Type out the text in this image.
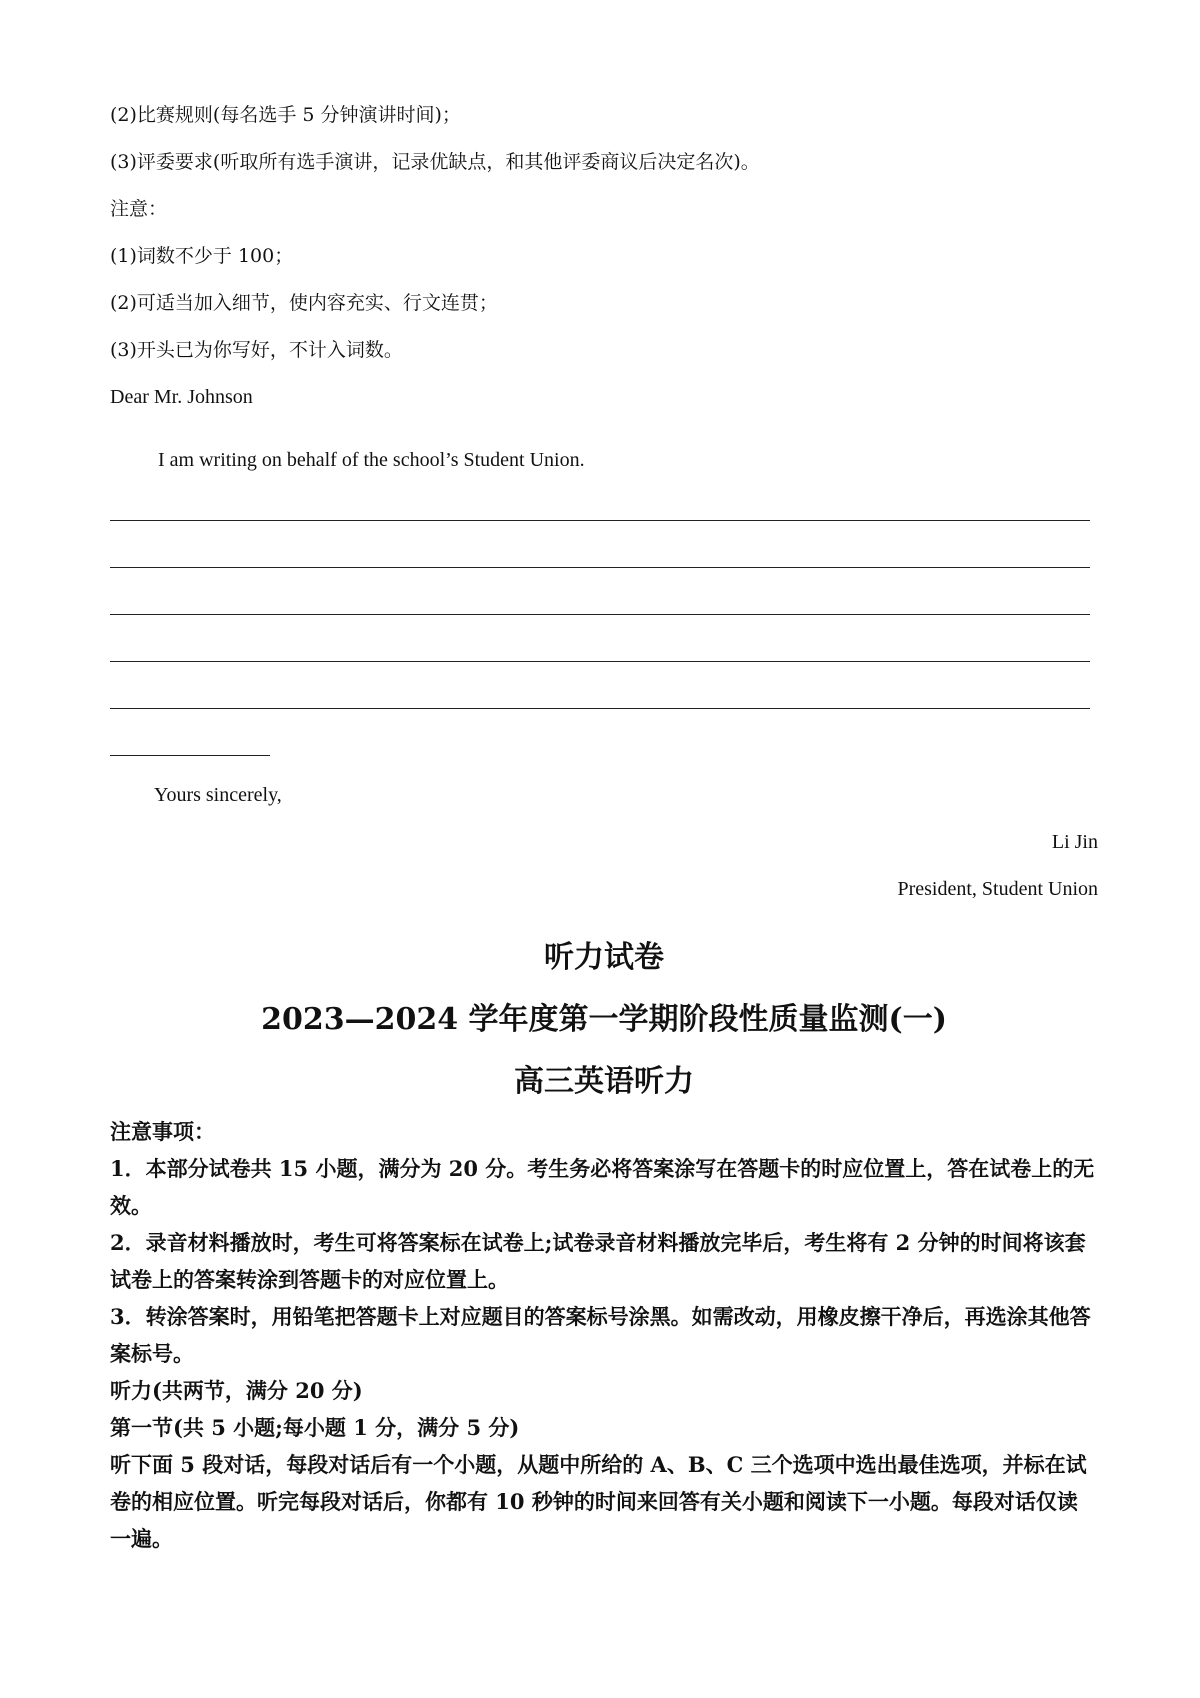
(2)比赛规则(每名选手 5 分钟演讲时间)；
(3)评委要求(听取所有选手演讲，记录优缺点，和其他评委商议后决定名次)。
注意：
(1)词数不少于 100；
(2)可适当加入细节，使内容充实、行文连贯；
(3)开头已为你写好，不计入词数。
Dear Mr. Johnson
I am writing on behalf of the school’s Student Union.
Yours sincerely,
Li Jin
President, Student Union
听力试卷
2023—2024 学年度第一学期阶段性质量监测(一)
高三英语听力
注意事项：
1．本部分试卷共 15 小题，满分为 20 分。考生务必将答案涂写在答题卡的时应位置上，答在试卷上的无效。
2．录音材料播放时，考生可将答案标在试卷上;试卷录音材料播放完毕后，考生将有 2 分钟的时间将该套试卷上的答案转涂到答题卡的对应位置上。
3．转涂答案时，用铅笔把答题卡上对应题目的答案标号涂黑。如需改动，用橡皮擦干净后，再选涂其他答案标号。
听力(共两节，满分 20 分)
第一节(共 5 小题;每小题 1 分，满分 5 分)
听下面 5 段对话，每段对话后有一个小题，从题中所给的 A、B、C 三个选项中选出最佳选项，并标在试卷的相应位置。听完每段对话后，你都有 10 秒钟的时间来回答有关小题和阅读下一小题。每段对话仅读一遍。
